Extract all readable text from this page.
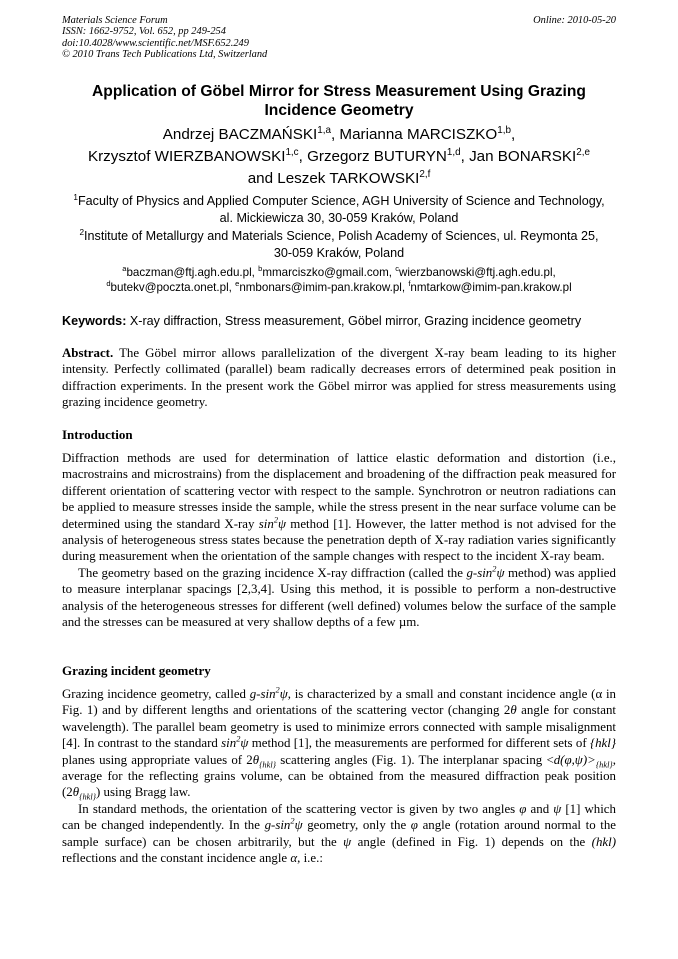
Materials Science Forum
ISSN: 1662-9752, Vol. 652, pp 249-254
doi:10.4028/www.scientific.net/MSF.652.249
© 2010 Trans Tech Publications Ltd, Switzerland
Online: 2010-05-20
Application of Göbel Mirror for Stress Measurement Using Grazing
Incidence Geometry
Andrzej BACZMAŃSKI$^{1,a}$, Marianna MARCISZKO$^{1,b}$,
Krzysztof WIERZBANOWSKI$^{1,c}$, Grzegorz BUTURYN$^{1,d}$, Jan BONARSKI$^{2,e}$
and Leszek TARKOWSKI$^{2,f}$
$^1$Faculty of Physics and Applied Computer Science, AGH University of Science and Technology,
al. Mickiewicza 30, 30-059 Kraków, Poland
$^2$Institute of Metallurgy and Materials Science, Polish Academy of Sciences, ul. Reymonta 25,
30-059 Kraków, Poland
$^a$baczman@ftj.agh.edu.pl, $^b$mmarciszko@gmail.com, $^c$wierzbanowski@ftj.agh.edu.pl,
$^d$butekv@poczta.onet.pl, $^e$nmbonars@imim-pan.krakow.pl, $^f$nmtarkow@imim-pan.krakow.pl
Keywords: X-ray diffraction, Stress measurement, Göbel mirror, Grazing incidence geometry
Abstract. The Göbel mirror allows parallelization of the divergent X-ray beam leading to its higher intensity. Perfectly collimated (parallel) beam radically decreases errors of determined peak position in diffraction experiments. In the present work the Göbel mirror was applied for stress measurements using grazing incidence geometry.
Introduction
Diffraction methods are used for determination of lattice elastic deformation and distortion (i.e., macrostrains and microstrains) from the displacement and broadening of the diffraction peak measured for different orientation of scattering vector with respect to the sample. Synchrotron or neutron radiations can be applied to measure stresses inside the sample, while the stress present in the near surface volume can be determined using the standard X-ray $\sin^2\psi$ method [1]. However, the latter method is not advised for the analysis of heterogeneous stress states because the penetration depth of X-ray radiation varies significantly during measurement when the orientation of the sample changes with respect to the incident X-ray beam.
The geometry based on the grazing incidence X-ray diffraction (called the $g-\sin^2\psi$ method) was applied to measure interplanar spacings [2,3,4]. Using this method, it is possible to perform a non-destructive analysis of the heterogeneous stresses for different (well defined) volumes below the surface of the sample and the stresses can be measured at very shallow depths of a few µm.
Grazing incident geometry
Grazing incidence geometry, called $g-\sin^2\psi$, is characterized by a small and constant incidence angle (α in Fig. 1) and by different lengths and orientations of the scattering vector (changing 2θ angle for constant wavelength). The parallel beam geometry is used to minimize errors connected with sample misalignment [4]. In contrast to the standard $\sin^2\psi$ method [1], the measurements are performed for different sets of {hkl} planes using appropriate values of $2\theta_{\{hkl\}}$ scattering angles (Fig. 1). The interplanar spacing $<d(\varphi,\psi)>_{\{hkl\}}$, average for the reflecting grains volume, can be obtained from the measured diffraction peak position $(2\theta_{\{hkl\}})$ using Bragg law.
In standard methods, the orientation of the scattering vector is given by two angles φ and ψ [1] which can be changed independently. In the $g-\sin^2\psi$ geometry, only the φ angle (rotation around normal to the sample surface) can be chosen arbitrarily, but the ψ angle (defined in Fig. 1) depends on the (hkl) reflections and the constant incidence angle α, i.e.:
